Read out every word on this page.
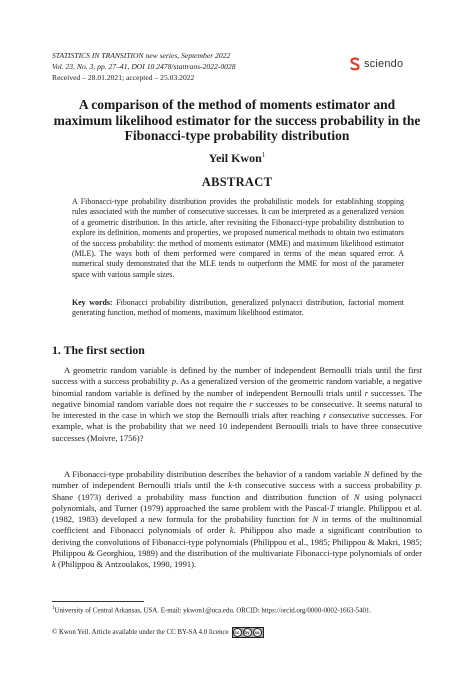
STATISTICS IN TRANSITION new series, September 2022
Vol. 23, No. 3, pp. 27–41, DOI 10.2478/stattrans-2022-0028
Received – 28.01.2021; accepted – 25.03.2022
sciendo
A comparison of the method of moments estimator and maximum likelihood estimator for the success probability in the Fibonacci-type probability distribution
Yeil Kwon$^1$
ABSTRACT
A Fibonacci-type probability distribution provides the probabilistic models for establishing stopping rules associated with the number of consecutive successes. It can be interpreted as a generalized version of a geometric distribution. In this article, after revisiting the Fibonacci-type probability distribution to explore its definition, moments and properties, we proposed numerical methods to obtain two estimators of the success probability: the method of moments estimator (MME) and maximum likelihood estimator (MLE). The ways both of them performed were compared in terms of the mean squared error. A numerical study demonstrated that the MLE tends to outperform the MME for most of the parameter space with various sample sizes.
Key words: Fibonacci probability distribution, generalized polynacci distribution, factorial moment generating function, method of moments, maximum likelihood estimator.
1. The first section
A geometric random variable is defined by the number of independent Bernoulli trials until the first success with a success probability p. As a generalized version of the geometric random variable, a negative binomial random variable is defined by the number of independent Bernoulli trials until r successes. The negative binomial random variable does not require the r successes to be consecutive. It seems natural to be interested in the case in which we stop the Bernoulli trials after reaching r consecutive successes. For example, what is the probability that we need 10 independent Bernoulli trials to have three consecutive successes (Moivre, 1756)?
A Fibonacci-type probability distribution describes the behavior of a random variable N defined by the number of independent Bernoulli trials until the k-th consecutive success with a success probability p. Shane (1973) derived a probability mass function and distribution function of N using polynacci polynomials, and Turner (1979) approached the same problem with the Pascal-T triangle. Philippou et al. (1982, 1983) developed a new formula for the probability function for N in terms of the multinomial coefficient and Fibonacci polynomials of order k. Philippou also made a significant contribution to deriving the convolutions of Fibonacci-type polynomials (Philippou et al., 1985; Philippou & Makri, 1985; Philippou & Georghiou, 1989) and the distribution of the multivariate Fibonacci-type polynomials of order k (Philippou & Antzoulakos, 1990, 1991).
$^1$University of Central Arkansas, USA. E-mail: ykwon1@uca.edu. ORCID: https://orcid.org/0000-0002-1663-5401.
© Kwon Yeil. Article available under the CC BY-SA 4.0 licence	cc	by	sa
